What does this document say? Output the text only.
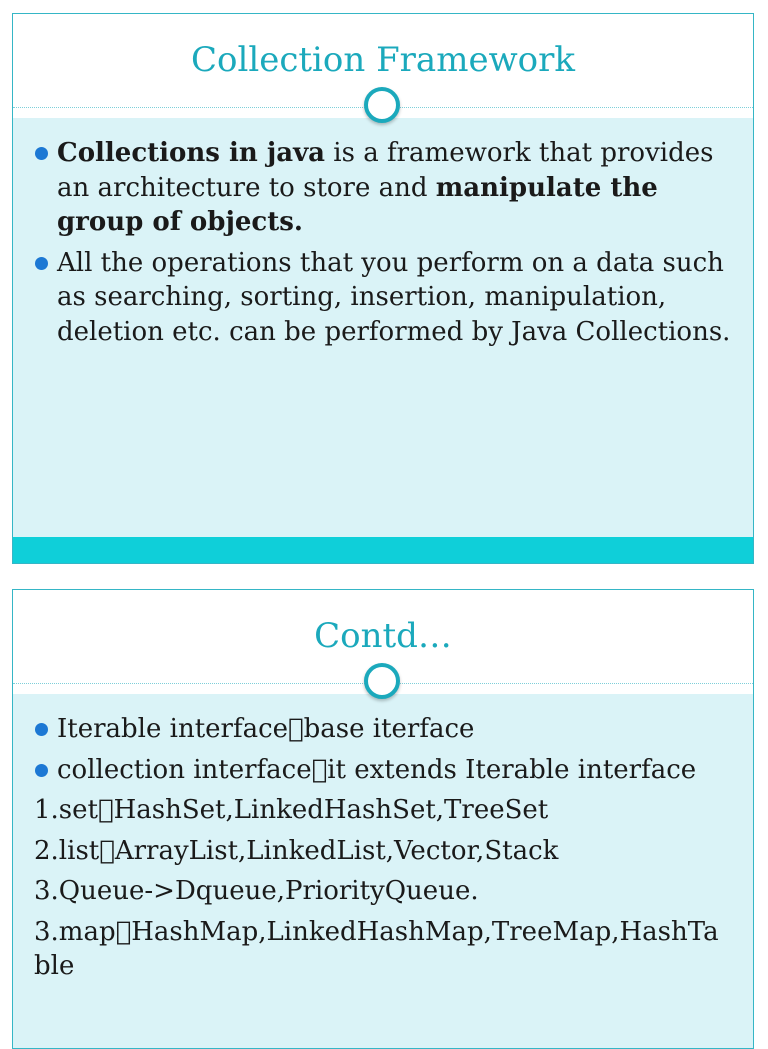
Collection Framework
Collections in java is a framework that provides an architecture to store and manipulate the group of objects.
All the operations that you perform on a data such as searching, sorting, insertion, manipulation, deletion etc. can be performed by Java Collections.
Contd…
Iterable interface base iterface
collection interface it extends Iterable interface
1.set HashSet,LinkedHashSet,TreeSet
2.list ArrayList,LinkedList,Vector,Stack
3.Queue->Dqueue,PriorityQueue.
3.map HashMap,LinkedHashMap,TreeMap,HashTable
